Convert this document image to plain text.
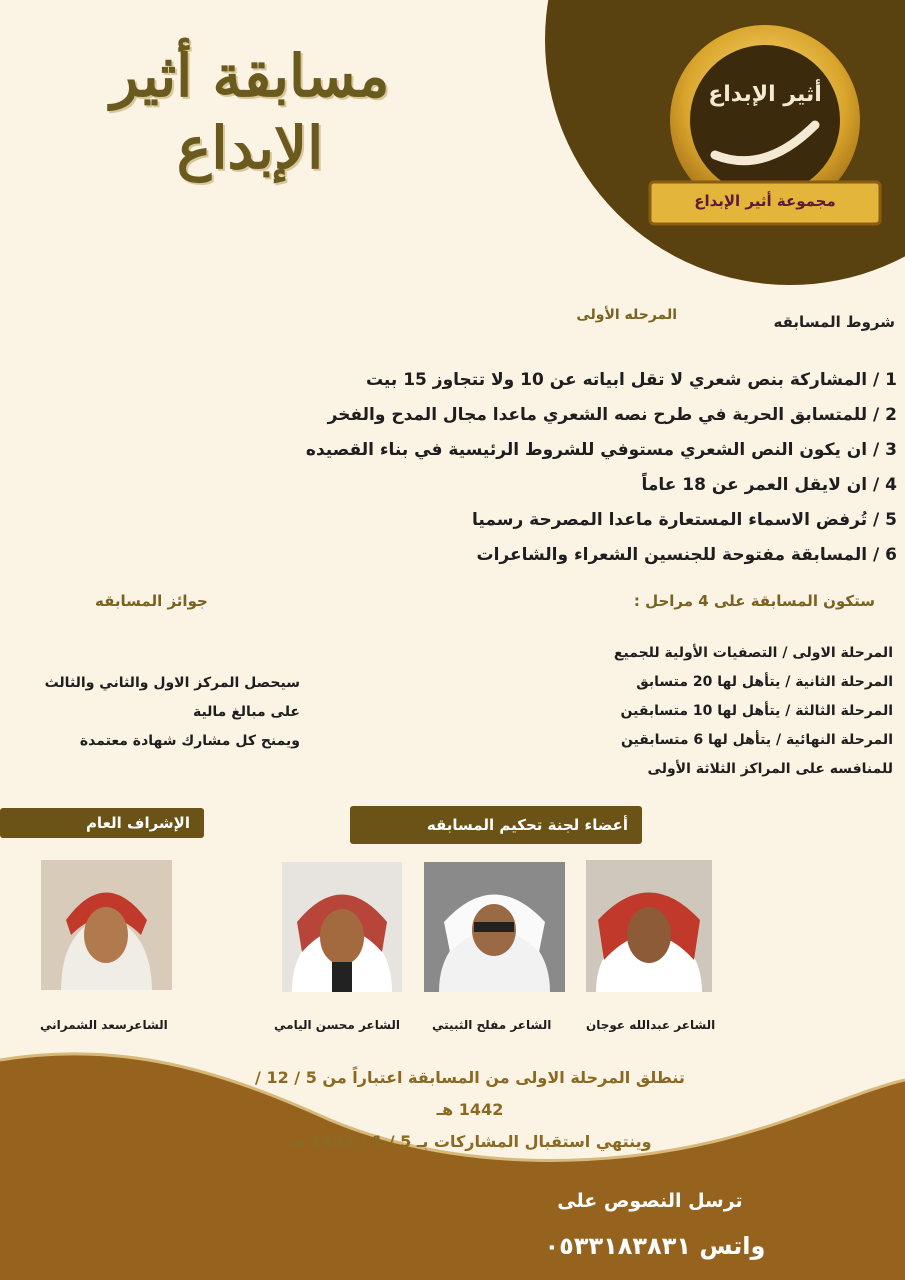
مسابقة أثير
الإبداع
أثير الإبداع
مجموعة أثير الإبداع
شروط المسابقه
المرحله الأولى
1 / المشاركة بنص شعري لا تقل ابياته عن 10 ولا تتجاوز 15 بيت
2 / للمتسابق الحرية في طرح نصه الشعري ماعدا مجال المدح والفخر
3 / ان يكون النص الشعري مستوفي للشروط الرئيسية في بناء القصيده
4 / ان لايقل العمر عن 18 عاماً
5 / تُرفض الاسماء المستعارة ماعدا المصرحة رسميا
6 / المسابقة مفتوحة للجنسين الشعراء والشاعرات
ستكون المسابقة على 4 مراحل :
المرحلة الاولى / التصفيات الأولية للجميع
المرحلة الثانية / يتأهل لها 20 متسابق
المرحلة الثالثة / يتأهل لها 10 متسابقين
المرحلة النهائية / يتأهل لها 6 متسابقين
للمنافسه على المراكز الثلاثة الأولى
جوائز المسابقه
سيحصل المركز الاول والثاني والثالث
على مبالغ مالية
ويمنح كل مشارك شهادة معتمدة
الإشراف العام	أعضاء لجنة تحكيم المسابقه
الشاعرسعد الشمراني	الشاعر محسن اليامي	الشاعر مفلح الثبيتي	الشاعر عبدالله عوجان
تنطلق المرحلة الاولى من المسابقة اعتباراً من 5 / 12 /
1442 هـ
وينتهي استقبال المشاركات بـ 5 / 1 / 1443 هـ
ترسل النصوص على
واتس ٠٥٣٣١٨٣٨٣١
